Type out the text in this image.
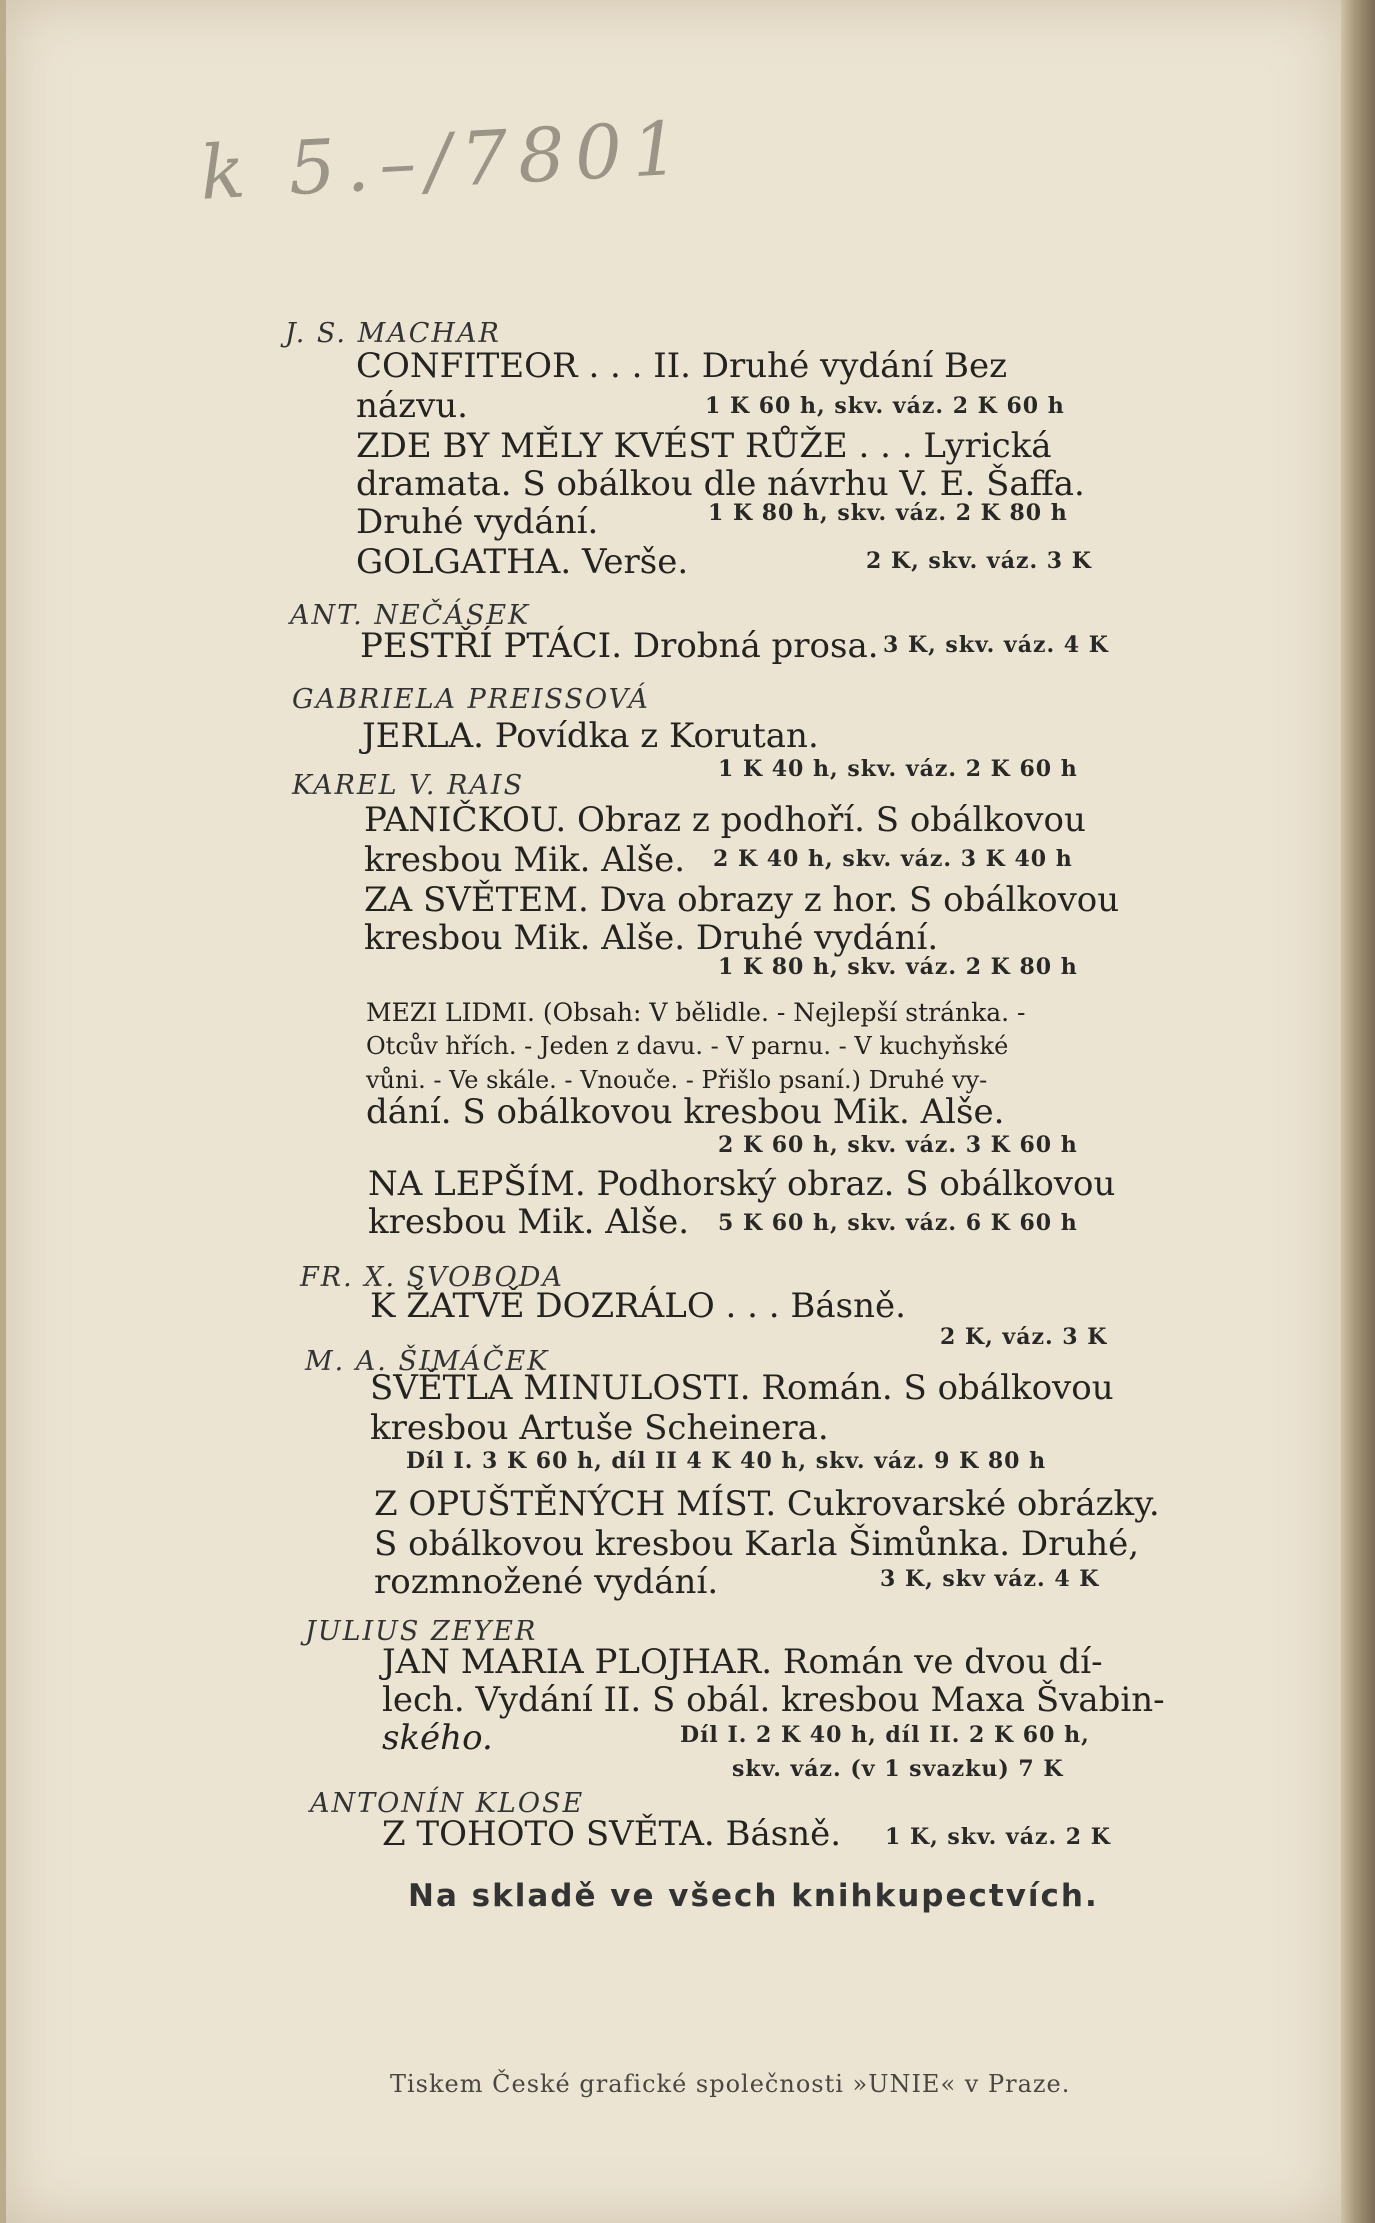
k 5.–/7801
J. S. MACHAR
CONFITEOR . . . II. Druhé vydání Bez
názvu.	1 K 60 h, skv. váz. 2 K 60 h
ZDE BY MĚLY KVÉST RŮŽE . . . Lyrická
dramata. S obálkou dle návrhu V. E. Šaffa.
Druhé vydání.	1 K 80 h, skv. váz. 2 K 80 h
GOLGATHA. Verše.	2 K, skv. váz. 3 K
ANT. NEČÁSEK
PESTŘÍ PTÁCI. Drobná prosa. 3 K, skv. váz. 4 K
GABRIELA PREISSOVÁ
JERLA. Povídka z Korutan.
1 K 40 h, skv. váz. 2 K 60 h
KAREL V. RAIS
PANIČKOU. Obraz z podhoří. S obálkovou
kresbou Mik. Alše. 2 K 40 h, skv. váz. 3 K 40 h
ZA SVĚTEM. Dva obrazy z hor. S obálkovou
kresbou Mik. Alše. Druhé vydání.
1 K 80 h, skv. váz. 2 K 80 h
MEZI LIDMI. (Obsah: V bělidle. - Nejlepší stránka. -
Otcův hřích. - Jeden z davu. - V parnu. - V kuchyňské
vůni. - Ve skále. - Vnouče. - Přišlo psaní.) Druhé vy-
dání. S obálkovou kresbou Mik. Alše.
2 K 60 h, skv. váz. 3 K 60 h
NA LEPŠÍM. Podhorský obraz. S obálkovou
kresbou Mik. Alše. 5 K 60 h, skv. váz. 6 K 60 h
FR. X. SVOBODA
K ŽATVĚ DOZRÁLO . . . Básně.
2 K, váz. 3 K
M. A. ŠIMÁČEK
SVĚTLA MINULOSTI. Román. S obálkovou
kresbou Artuše Scheinera.
Díl I. 3 K 60 h, díl II 4 K 40 h, skv. váz. 9 K 80 h
Z OPUŠTĚNÝCH MÍST. Cukrovarské obrázky.
S obálkovou kresbou Karla Šimůnka. Druhé,
rozmnožené vydání.	3 K, skv váz. 4 K
JULIUS ZEYER
JAN MARIA PLOJHAR. Román ve dvou dí-
lech. Vydání II. S obál. kresbou Maxa Švabin-
ského.	Díl I. 2 K 40 h, díl II. 2 K 60 h,
skv. váz. (v 1 svazku) 7 K
ANTONÍN KLOSE
Z TOHOTO SVĚTA. Básně. 1 K, skv. váz. 2 K
Na skladě ve všech knihkupectvích.
Tiskem České grafické společnosti »UNIE« v Praze.
